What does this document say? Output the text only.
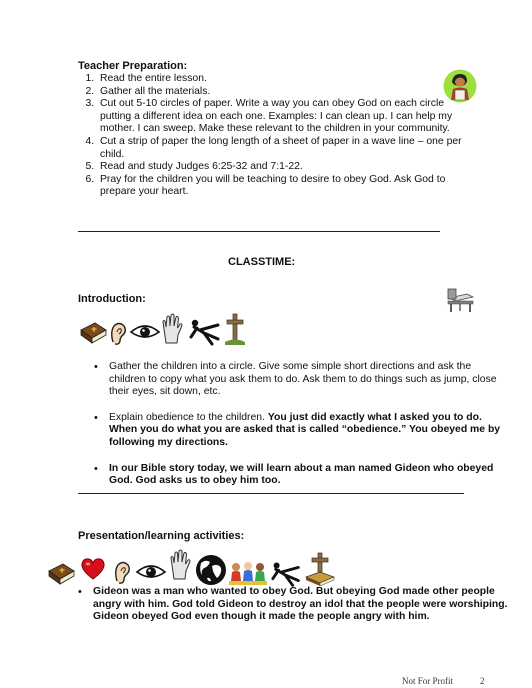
Teacher Preparation:
1. Read the entire lesson.
2. Gather all the materials.
3. Cut out 5-10 circles of paper. Write a way you can obey God on each circle putting a different idea on each one. Examples: I can clean up. I can help my mother. I can sweep. Make these relevant to the children in your community.
4. Cut a strip of paper the long length of a sheet of paper in a wave line – one per child.
5. Read and study Judges 6:25-32 and 7:1-22.
6. Pray for the children you will be teaching to desire to obey God. Ask God to prepare your heart.
CLASSTIME:
Introduction:
• Gather the children into a circle. Give some simple short directions and ask the children to copy what you ask them to do. Ask them to do things such as jump, close their eyes, sit down, etc.
• Explain obedience to the children. You just did exactly what I asked you to do. When you do what you are asked that is called “obedience.” You obeyed me by following my directions.
• In our Bible story today, we will learn about a man named Gideon who obeyed God. God asks us to obey him too.
Presentation/learning activities:
• Gideon was a man who wanted to obey God. But obeying God made other people angry with him. God told Gideon to destroy an idol that the people were worshiping. Gideon obeyed God even though it made the people angry with him.
Not For Profit	2
